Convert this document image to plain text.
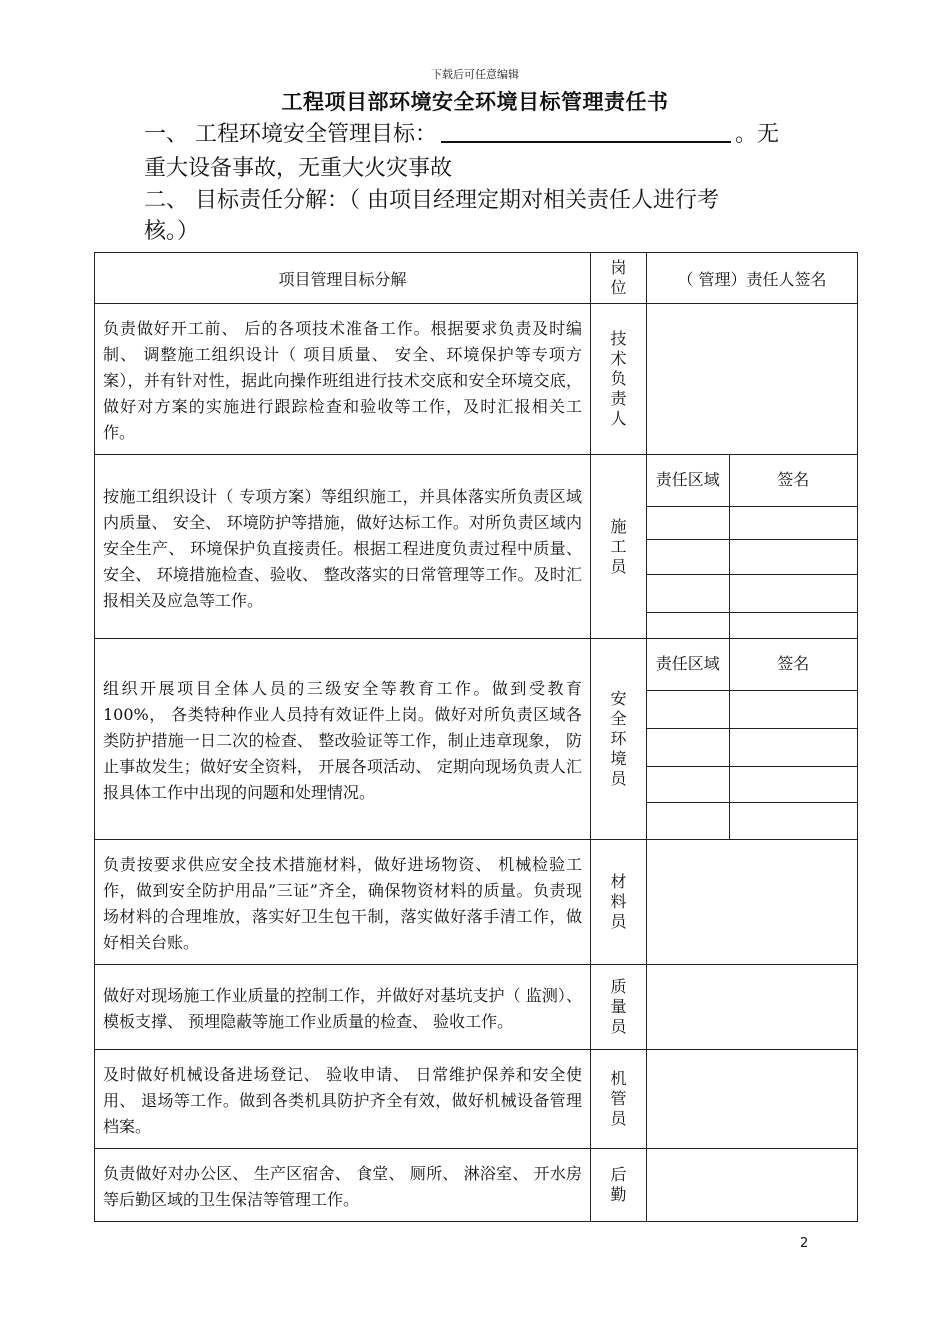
下载后可任意编辑
工程项目部环境安全环境目标管理责任书
一、 工程环境安全管理目标：	。无
重大设备事故，无重大火灾事故
二、 目标责任分解：（ 由项目经理定期对相关责任人进行考
核。）
项目管理目标分解	岗位	（ 管理）责任人签名
负责做好开工前、 后的各项技术准备工作。根据要求负责及时编制、 调整施工组织设计（ 项目质量、 安全、环境保护等专项方案），并有针对性，据此向操作班组进行技术交底和安全环境交底，做好对方案的实施进行跟踪检查和验收等工作，及时汇报相关工作。	技术负责人	
按施工组织设计（ 专项方案）等组织施工，并具体落实所负责区域内质量、 安全、 环境防护等措施，做好达标工作。对所负责区域内安全生产、 环境保护负直接责任。根据工程进度负责过程中质量、 安全、 环境措施检查、验收、 整改落实的日常管理等工作。及时汇报相关及应急等工作。	施工员	
责任区域	签名

组织开展项目全体人员的三级安全等教育工作。做到受教育 100%， 各类特种作业人员持有效证件上岗。做好对所负责区域各类防护措施一日二次的检查、 整改验证等工作，制止违章现象， 防止事故发生；做好安全资料， 开展各项活动、 定期向现场负责人汇报具体工作中出现的问题和处理情况。	安全环境员	
责任区域	签名

负责按要求供应安全技术措施材料，做好进场物资、 机械检验工作，做到安全防护用品”三证”齐全，确保物资材料的质量。负责现场材料的合理堆放，落实好卫生包干制，落实做好落手清工作，做好相关台账。	材料员	
做好对现场施工作业质量的控制工作，并做好对基坑支护（ 监测）、 模板支撑、 预埋隐蔽等施工作业质量的检查、 验收工作。	质量员	
及时做好机械设备进场登记、 验收申请、 日常维护保养和安全使用、 退场等工作。做到各类机具防护齐全有效，做好机械设备管理档案。	机管员	
负责做好对办公区、 生产区宿舍、 食堂、 厕所、 淋浴室、 开水房等后勤区域的卫生保洁等管理工作。	后勤	
2
